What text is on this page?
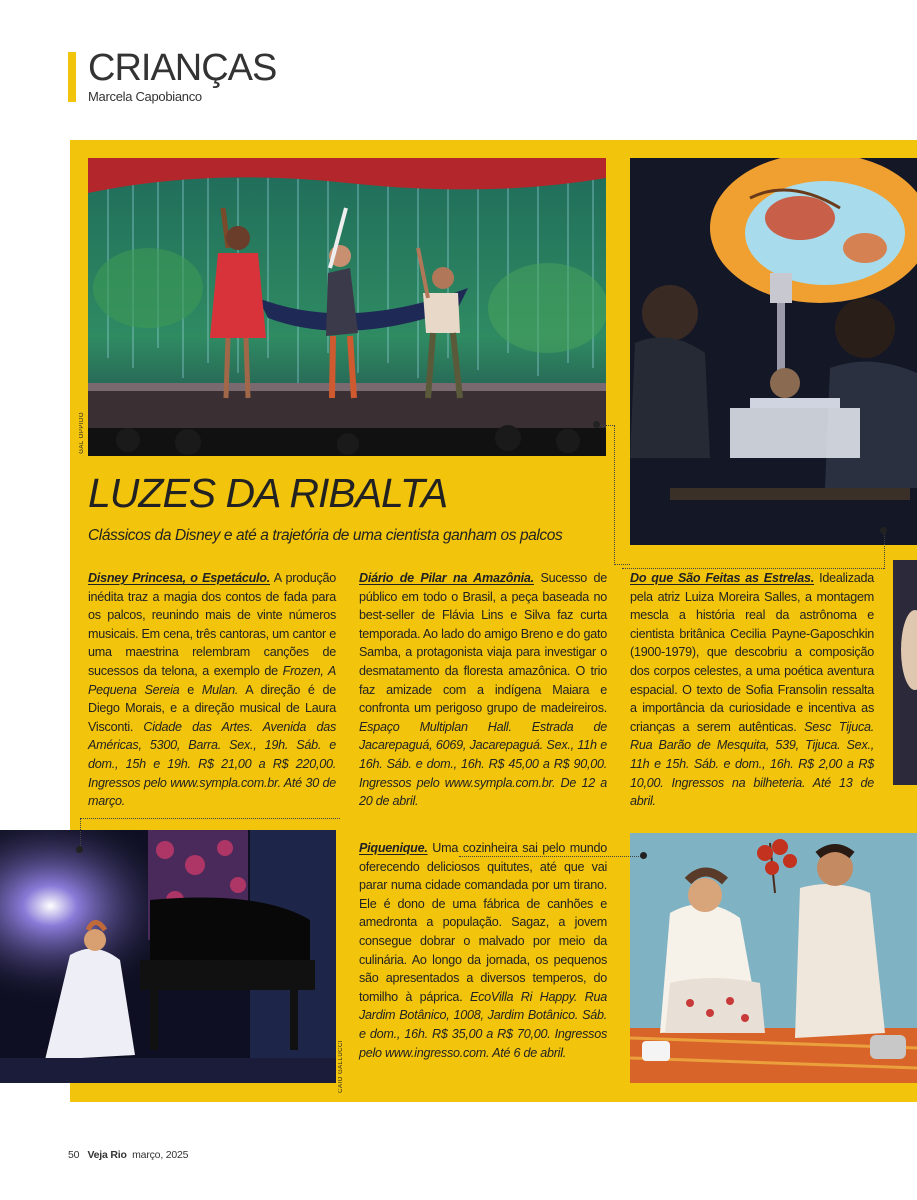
CRIANÇAS
Marcela Capobianco
GAL OPPIDO
LUZES DA RIBALTA
Clássicos da Disney e até a trajetória de uma cientista ganham os palcos
Disney Princesa, o Espetáculo. A produção inédita traz a magia dos contos de fada para os palcos, reunindo mais de vinte números musicais. Em cena, três cantoras, um cantor e uma maestrina relembram canções de sucessos da telona, a exemplo de Frozen, A Pequena Sereia e Mulan. A direção é de Diego Morais, e a direção musical de Laura Visconti. Cidade das Artes. Avenida das Américas, 5300, Barra. Sex., 19h. Sáb. e dom., 15h e 19h. R$ 21,00 a R$ 220,00. Ingressos pelo www.sympla.com.br. Até 30 de março.
Diário de Pilar na Amazônia. Sucesso de público em todo o Brasil, a peça baseada no best-seller de Flávia Lins e Silva faz curta temporada. Ao lado do amigo Breno e do gato Samba, a protagonista viaja para investigar o desmatamento da floresta amazônica. O trio faz amizade com a indígena Maiara e confronta um perigoso grupo de madeireiros. Espaço Multiplan Hall. Estrada de Jacarepaguá, 6069, Jacarepaguá. Sex., 11h e 16h. Sáb. e dom., 16h. R$ 45,00 a R$ 90,00. Ingressos pelo www.sympla.com.br. De 12 a 20 de abril.
Do que São Feitas as Estrelas. Idealizada pela atriz Luiza Moreira Salles, a montagem mescla a história real da astrônoma e cientista britânica Cecilia Payne-Gaposchkin (1900-1979), que descobriu a composição dos corpos celestes, a uma poética aventura espacial. O texto de Sofia Fransolin ressalta a importância da curiosidade e incentiva as crianças a serem autênticas. Sesc Tijuca. Rua Barão de Mesquita, 539, Tijuca. Sex., 11h e 15h. Sáb. e dom., 16h. R$ 2,00 a R$ 10,00. Ingressos na bilheteria. Até 13 de abril.
CAIO GALLUCCI
Piquenique. Uma cozinheira sai pelo mundo oferecendo deliciosos quitutes, até que vai parar numa cidade comandada por um tirano. Ele é dono de uma fábrica de canhões e amedronta a população. Sagaz, a jovem consegue dobrar o malvado por meio da culinária. Ao longo da jornada, os pequenos são apresentados a diversos temperos, do tomilho à páprica. EcoVilla Ri Happy. Rua Jardim Botânico, 1008, Jardim Botânico. Sáb. e dom., 16h. R$ 35,00 a R$ 70,00. Ingressos pelo www.ingresso.com. Até 6 de abril.
50 Veja Rio março, 2025
